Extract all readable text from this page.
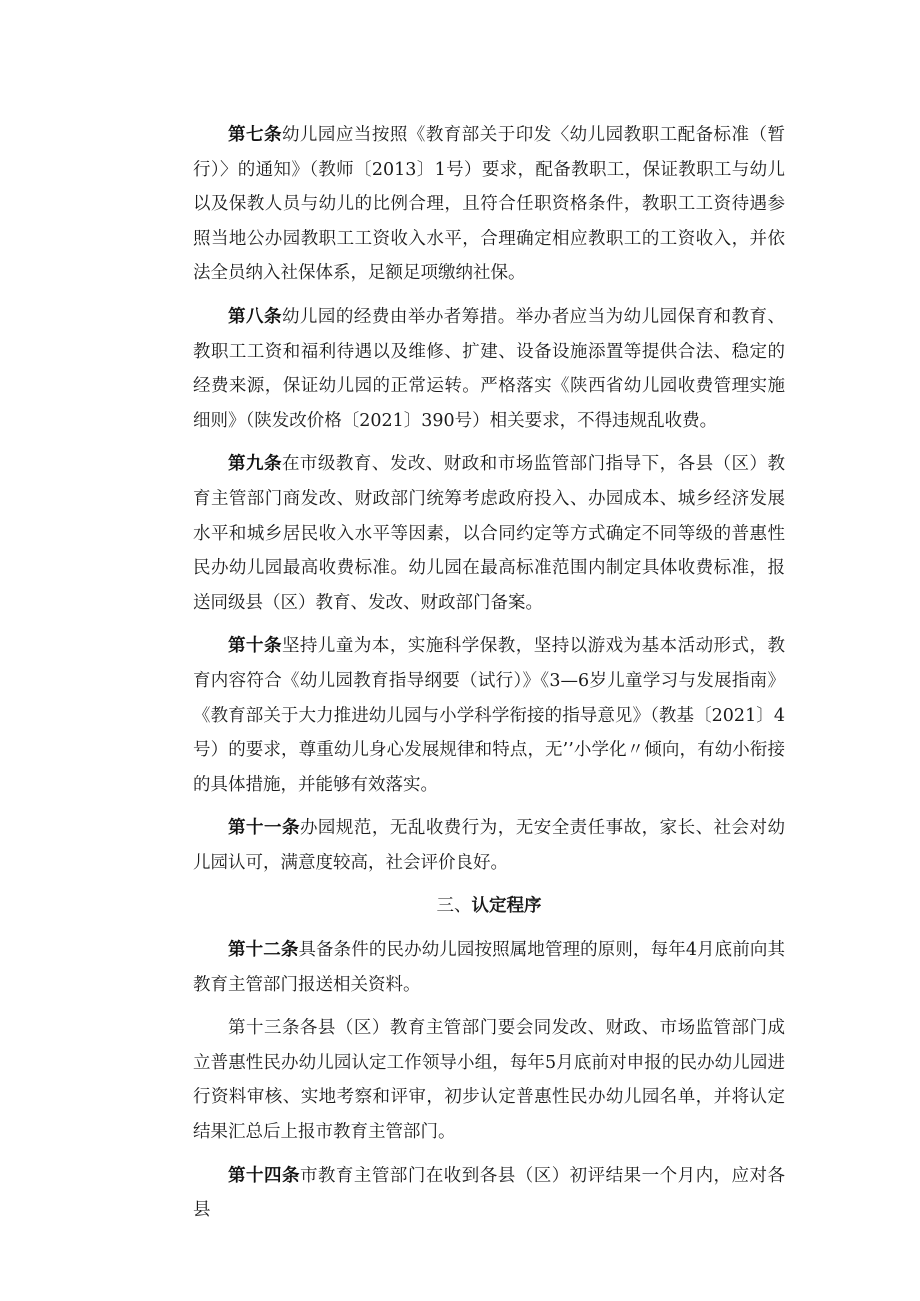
第七条幼儿园应当按照《教育部关于印发〈幼儿园教职工配备标准（暂行）〉的通知》（教师〔2013〕1号）要求，配备教职工，保证教职工与幼儿以及保教人员与幼儿的比例合理，且符合任职资格条件，教职工工资待遇参照当地公办园教职工工资收入水平，合理确定相应教职工的工资收入，并依法全员纳入社保体系，足额足项缴纳社保。

第八条幼儿园的经费由举办者筹措。举办者应当为幼儿园保育和教育、教职工工资和福利待遇以及维修、扩建、设备设施添置等提供合法、稳定的经费来源，保证幼儿园的正常运转。严格落实《陕西省幼儿园收费管理实施细则》（陕发改价格〔2021〕390号）相关要求，不得违规乱收费。

第九条在市级教育、发改、财政和市场监管部门指导下，各县（区）教育主管部门商发改、财政部门统筹考虑政府投入、办园成本、城乡经济发展水平和城乡居民收入水平等因素，以合同约定等方式确定不同等级的普惠性民办幼儿园最高收费标准。幼儿园在最高标准范围内制定具体收费标准，报送同级县（区）教育、发改、财政部门备案。

第十条坚持儿童为本，实施科学保教，坚持以游戏为基本活动形式，教育内容符合《幼儿园教育指导纲要（试行）》《3—6岁儿童学习与发展指南》《教育部关于大力推进幼儿园与小学科学衔接的指导意见》（教基〔2021〕4号）的要求，尊重幼儿身心发展规律和特点，无’’小学化〃倾向，有幼小衔接的具体措施，并能够有效落实。

第十一条办园规范，无乱收费行为，无安全责任事故，家长、社会对幼儿园认可，满意度较高，社会评价良好。

三、认定程序

第十二条具备条件的民办幼儿园按照属地管理的原则，每年4月底前向其教育主管部门报送相关资料。

第十三条各县（区）教育主管部门要会同发改、财政、市场监管部门成立普惠性民办幼儿园认定工作领导小组，每年5月底前对申报的民办幼儿园进行资料审核、实地考察和评审，初步认定普惠性民办幼儿园名单，并将认定结果汇总后上报市教育主管部门。

第十四条市教育主管部门在收到各县（区）初评结果一个月内，应对各县
